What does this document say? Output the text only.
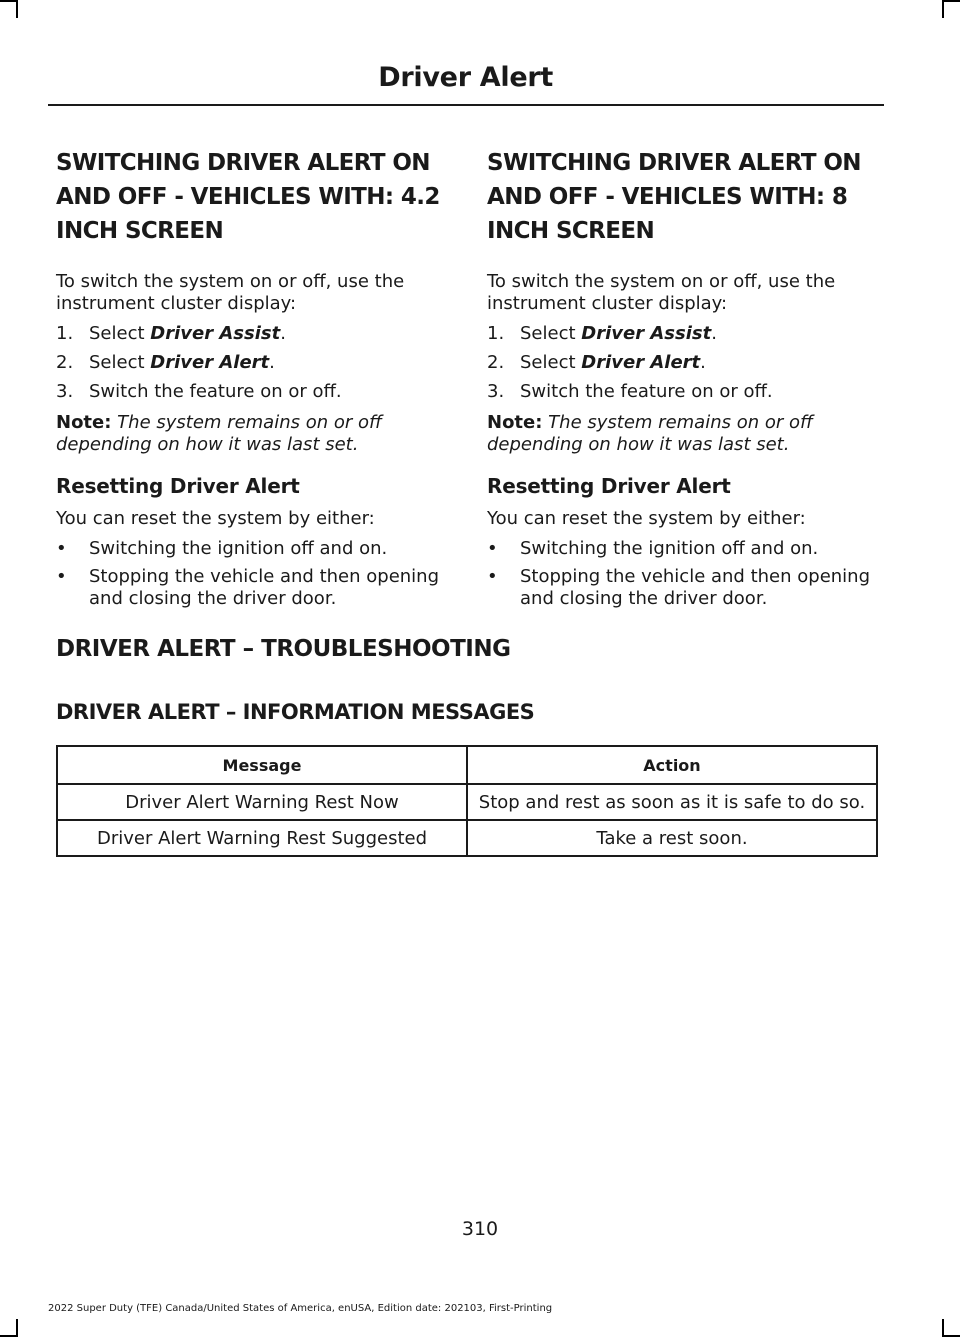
Driver Alert
SWITCHING DRIVER ALERT ON
AND OFF - VEHICLES WITH: 4.2
INCH SCREEN

To switch the system on or off, use the instrument cluster display:

1. Select Driver Assist.
2. Select Driver Alert.
3. Switch the feature on or off.

Note: The system remains on or off depending on how it was last set.

Resetting Driver Alert

You can reset the system by either:

•	Switching the ignition off and on.
•	Stopping the vehicle and then opening and closing the driver door.
SWITCHING DRIVER ALERT ON
AND OFF - VEHICLES WITH: 8
INCH SCREEN

To switch the system on or off, use the instrument cluster display:

1. Select Driver Assist.
2. Select Driver Alert.
3. Switch the feature on or off.

Note: The system remains on or off depending on how it was last set.

Resetting Driver Alert

You can reset the system by either:

•	Switching the ignition off and on.
•	Stopping the vehicle and then opening and closing the driver door.
DRIVER ALERT – TROUBLESHOOTING
DRIVER ALERT – INFORMATION MESSAGES
Message	Action
Driver Alert Warning Rest Now	Stop and rest as soon as it is safe to do so.
Driver Alert Warning Rest Suggested	Take a rest soon.
310
2022 Super Duty (TFE) Canada/United States of America, enUSA, Edition date: 202103, First-Printing
